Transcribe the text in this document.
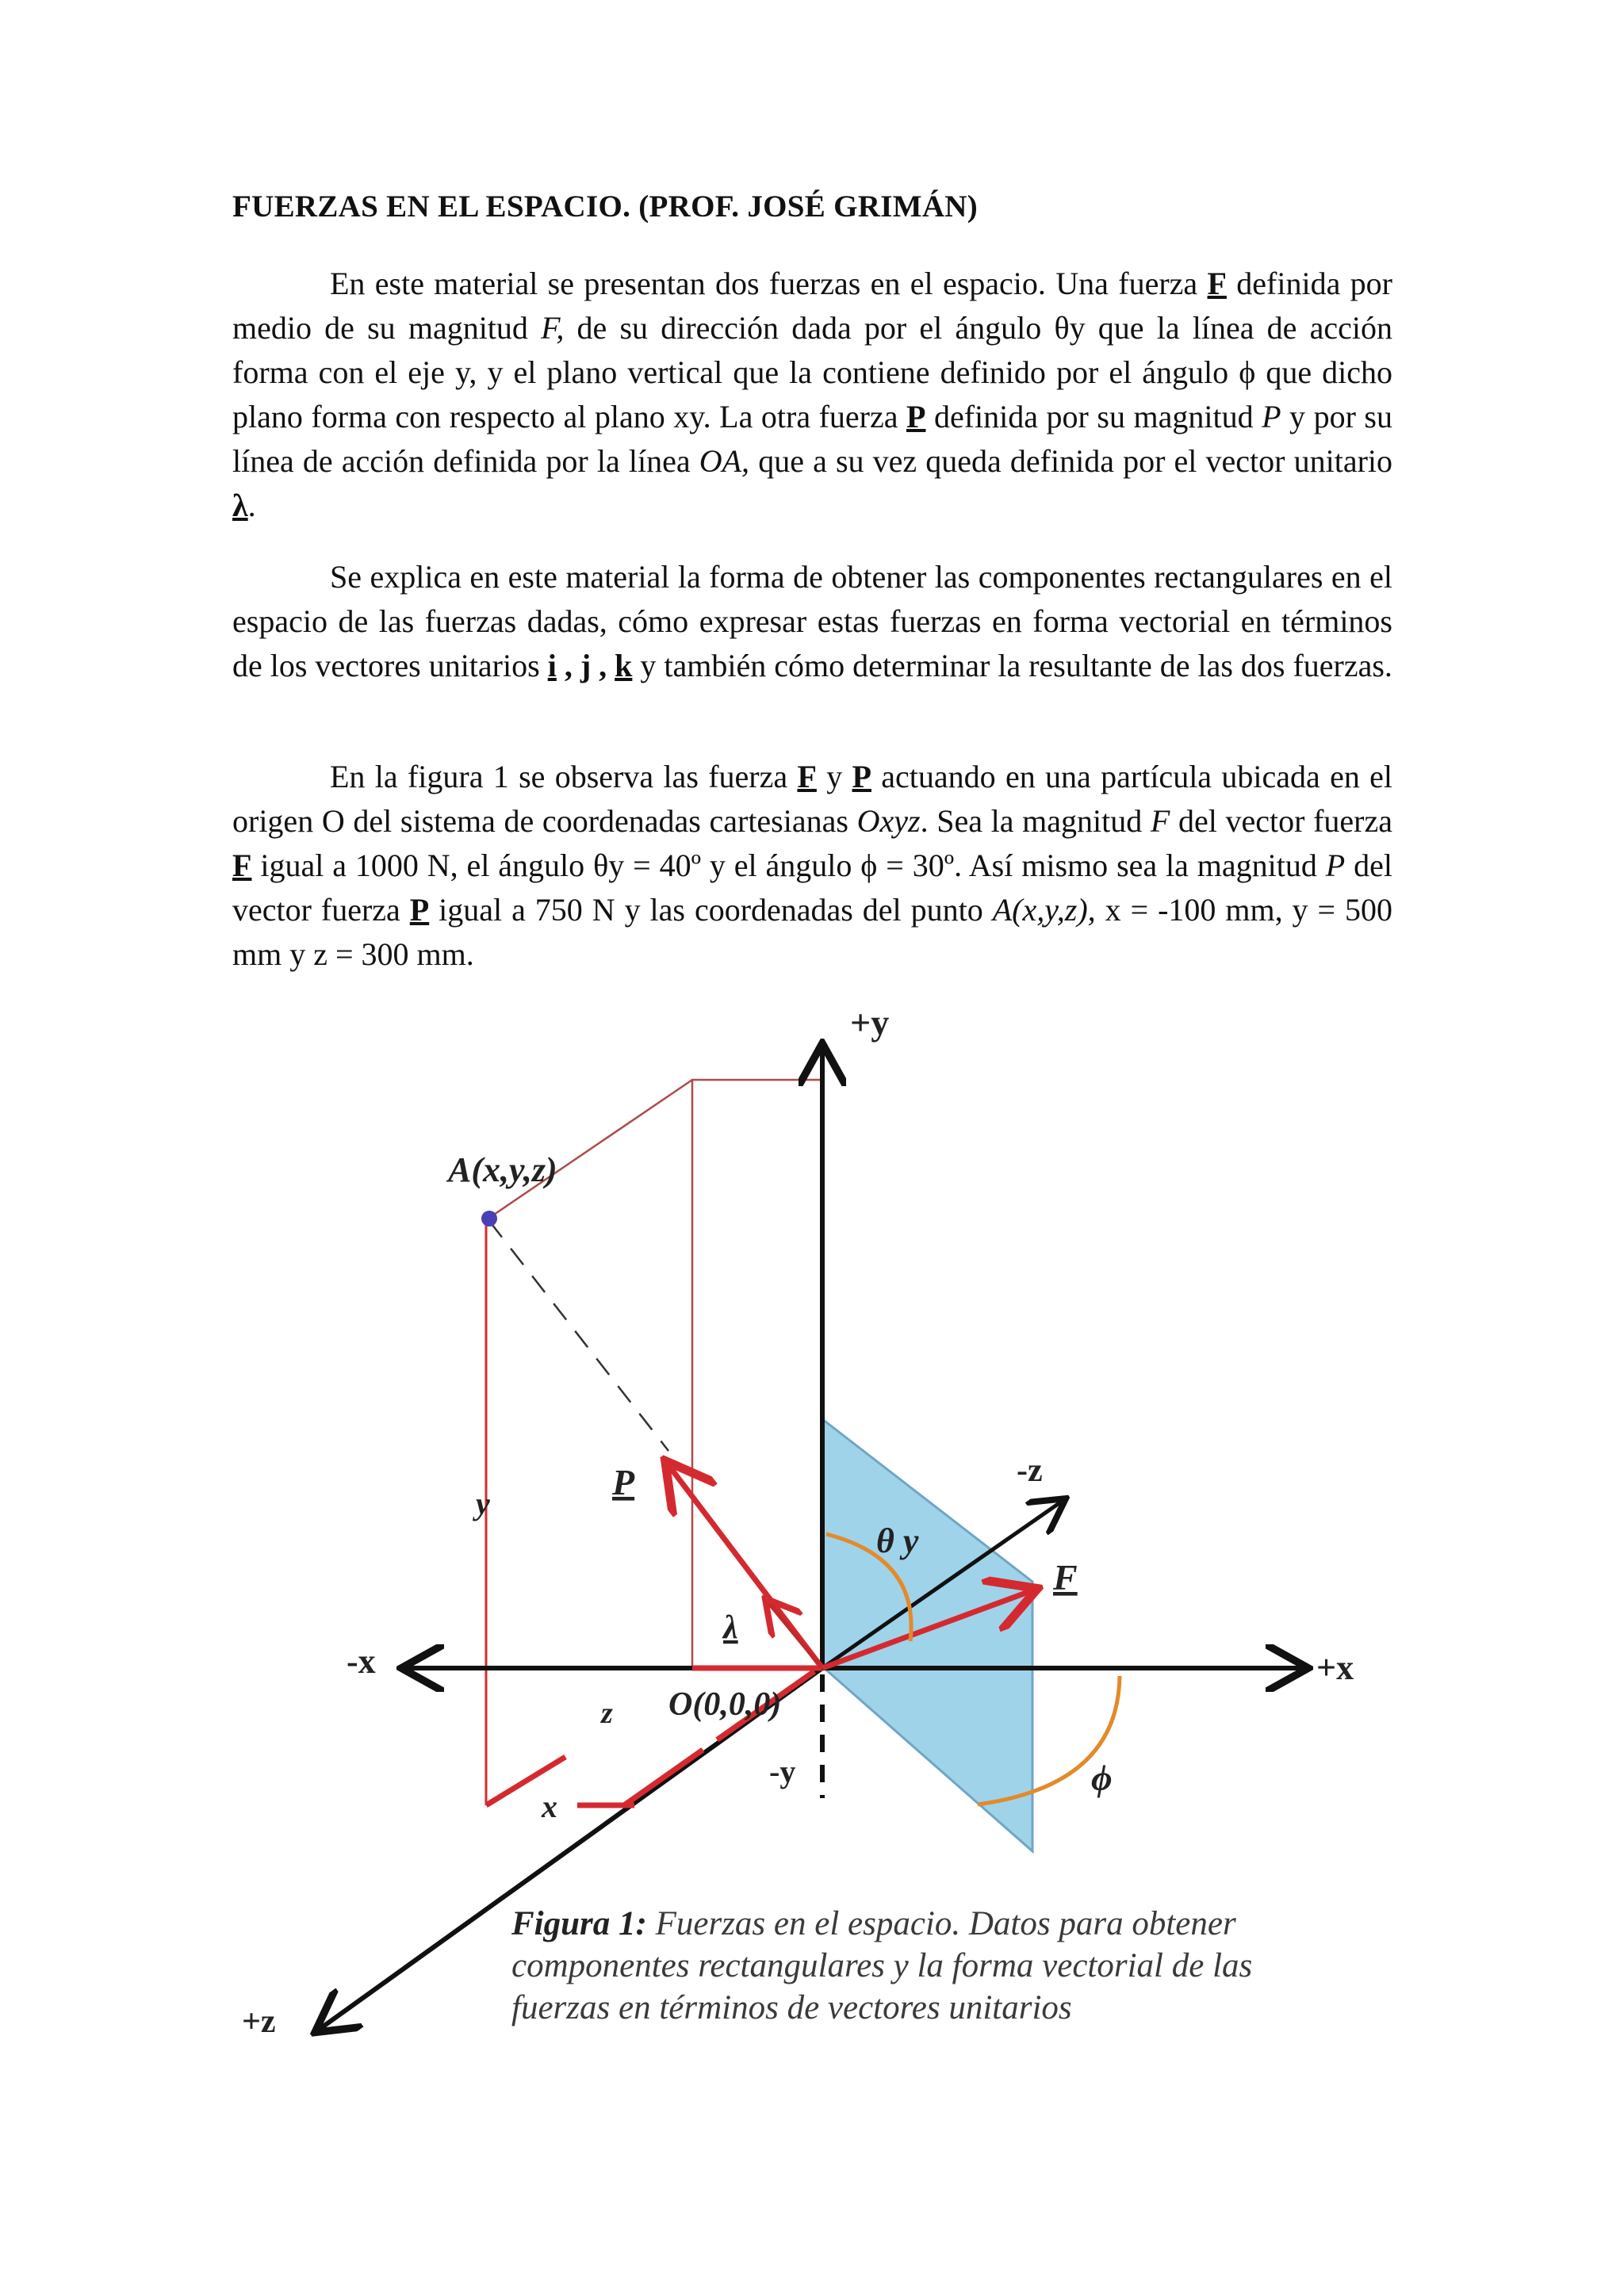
FUERZAS EN EL ESPACIO. (PROF. JOSÉ GRIMÁN)

En este material se presentan dos fuerzas en el espacio. Una fuerza F definida por medio de su magnitud F, de su dirección dada por el ángulo θy que la línea de acción forma con el eje y, y el plano vertical que la contiene definido por el ángulo ϕ que dicho plano forma con respecto al plano xy. La otra fuerza P definida por su magnitud P y por su línea de acción definida por la línea OA, que a su vez queda definida por el vector unitario λ.

Se explica en este material la forma de obtener las componentes rectangulares en el espacio de las fuerzas dadas, cómo expresar estas fuerzas en forma vectorial en términos de los vectores unitarios i , j , k y también cómo determinar la resultante de las dos fuerzas.

En la figura 1 se observa las fuerza F y P actuando en una partícula ubicada en el origen O del sistema de coordenadas cartesianas Oxyz. Sea la magnitud F del vector fuerza F igual a 1000 N, el ángulo θy = 40º y el ángulo ϕ = 30º. Así mismo sea la magnitud P del vector fuerza P igual a 750 N y las coordenadas del punto A(x,y,z), x = -100 mm, y = 500 mm y z = 300 mm.

+y
-y
+x
-x
+z
-z
A(x,y,z)
O(0,0,0)
y
z
x
P
F
λ
θ y
ϕ
Figura 1: Fuerzas en el espacio. Datos para obtener
componentes rectangulares y la forma vectorial de las
fuerzas en términos de vectores unitarios
